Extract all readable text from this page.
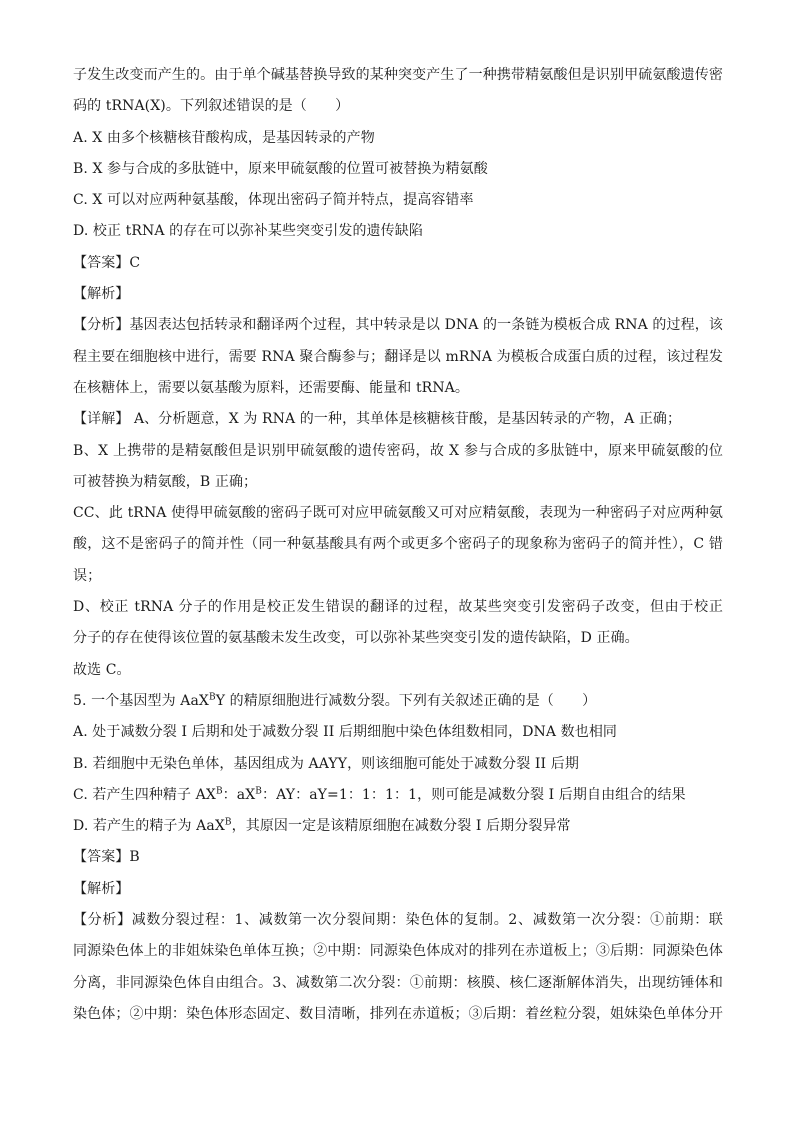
子发生改变而产生的。由于单个碱基替换导致的某种突变产生了一种携带精氨酸但是识别甲硫氨酸遗传密
码的 tRNA(X)。下列叙述错误的是（　　）
A. X 由多个核糖核苷酸构成，是基因转录的产物
B. X 参与合成的多肽链中，原来甲硫氨酸的位置可被替换为精氨酸
C. X 可以对应两种氨基酸，体现出密码子简并特点，提高容错率
D. 校正 tRNA 的存在可以弥补某些突变引发的遗传缺陷
【答案】C
【解析】
【分析】基因表达包括转录和翻译两个过程，其中转录是以 DNA 的一条链为模板合成 RNA 的过程，该
程主要在细胞核中进行，需要 RNA 聚合酶参与；翻译是以 mRNA 为模板合成蛋白质的过程，该过程发
在核糖体上，需要以氨基酸为原料，还需要酶、能量和 tRNA。
【详解】 A、分析题意，X 为 RNA 的一种，其单体是核糖核苷酸，是基因转录的产物，A 正确；
B、X 上携带的是精氨酸但是识别甲硫氨酸的遗传密码，故 X 参与合成的多肽链中，原来甲硫氨酸的位
可被替换为精氨酸，B 正确；
CC、此 tRNA 使得甲硫氨酸的密码子既可对应甲硫氨酸又可对应精氨酸，表现为一种密码子对应两种氨
酸，这不是密码子的简并性（同一种氨基酸具有两个或更多个密码子的现象称为密码子的简并性），C 错
误；
D、校正 tRNA 分子的作用是校正发生错误的翻译的过程，故某些突变引发密码子改变，但由于校正
分子的存在使得该位置的氨基酸未发生改变，可以弥补某些突变引发的遗传缺陷，D 正确。
故选 C。
5. 一个基因型为 AaX$^B$Y 的精原细胞进行减数分裂。下列有关叙述正确的是（　　）
A. 处于减数分裂 I 后期和处于减数分裂 II 后期细胞中染色体组数相同，DNA 数也相同
B. 若细胞中无染色单体，基因组成为 AAYY，则该细胞可能处于减数分裂 II 后期
C. 若产生四种精子 $AX^B$：$aX^B$：AY：aY=1：1：1：1，则可能是减数分裂 I 后期自由组合的结果
D. 若产生的精子为 AaX$^B$，其原因一定是该精原细胞在减数分裂 I 后期分裂异常
【答案】B
【解析】
【分析】减数分裂过程：1、减数第一次分裂间期：染色体的复制。2、减数第一次分裂：①前期：联
同源染色体上的非姐妹染色单体互换；②中期：同源染色体成对的排列在赤道板上；③后期：同源染色体
分离，非同源染色体自由组合。3、减数第二次分裂：①前期：核膜、核仁逐渐解体消失，出现纺锤体和
染色体；②中期：染色体形态固定、数目清晰，排列在赤道板；③后期：着丝粒分裂，姐妹染色单体分开
